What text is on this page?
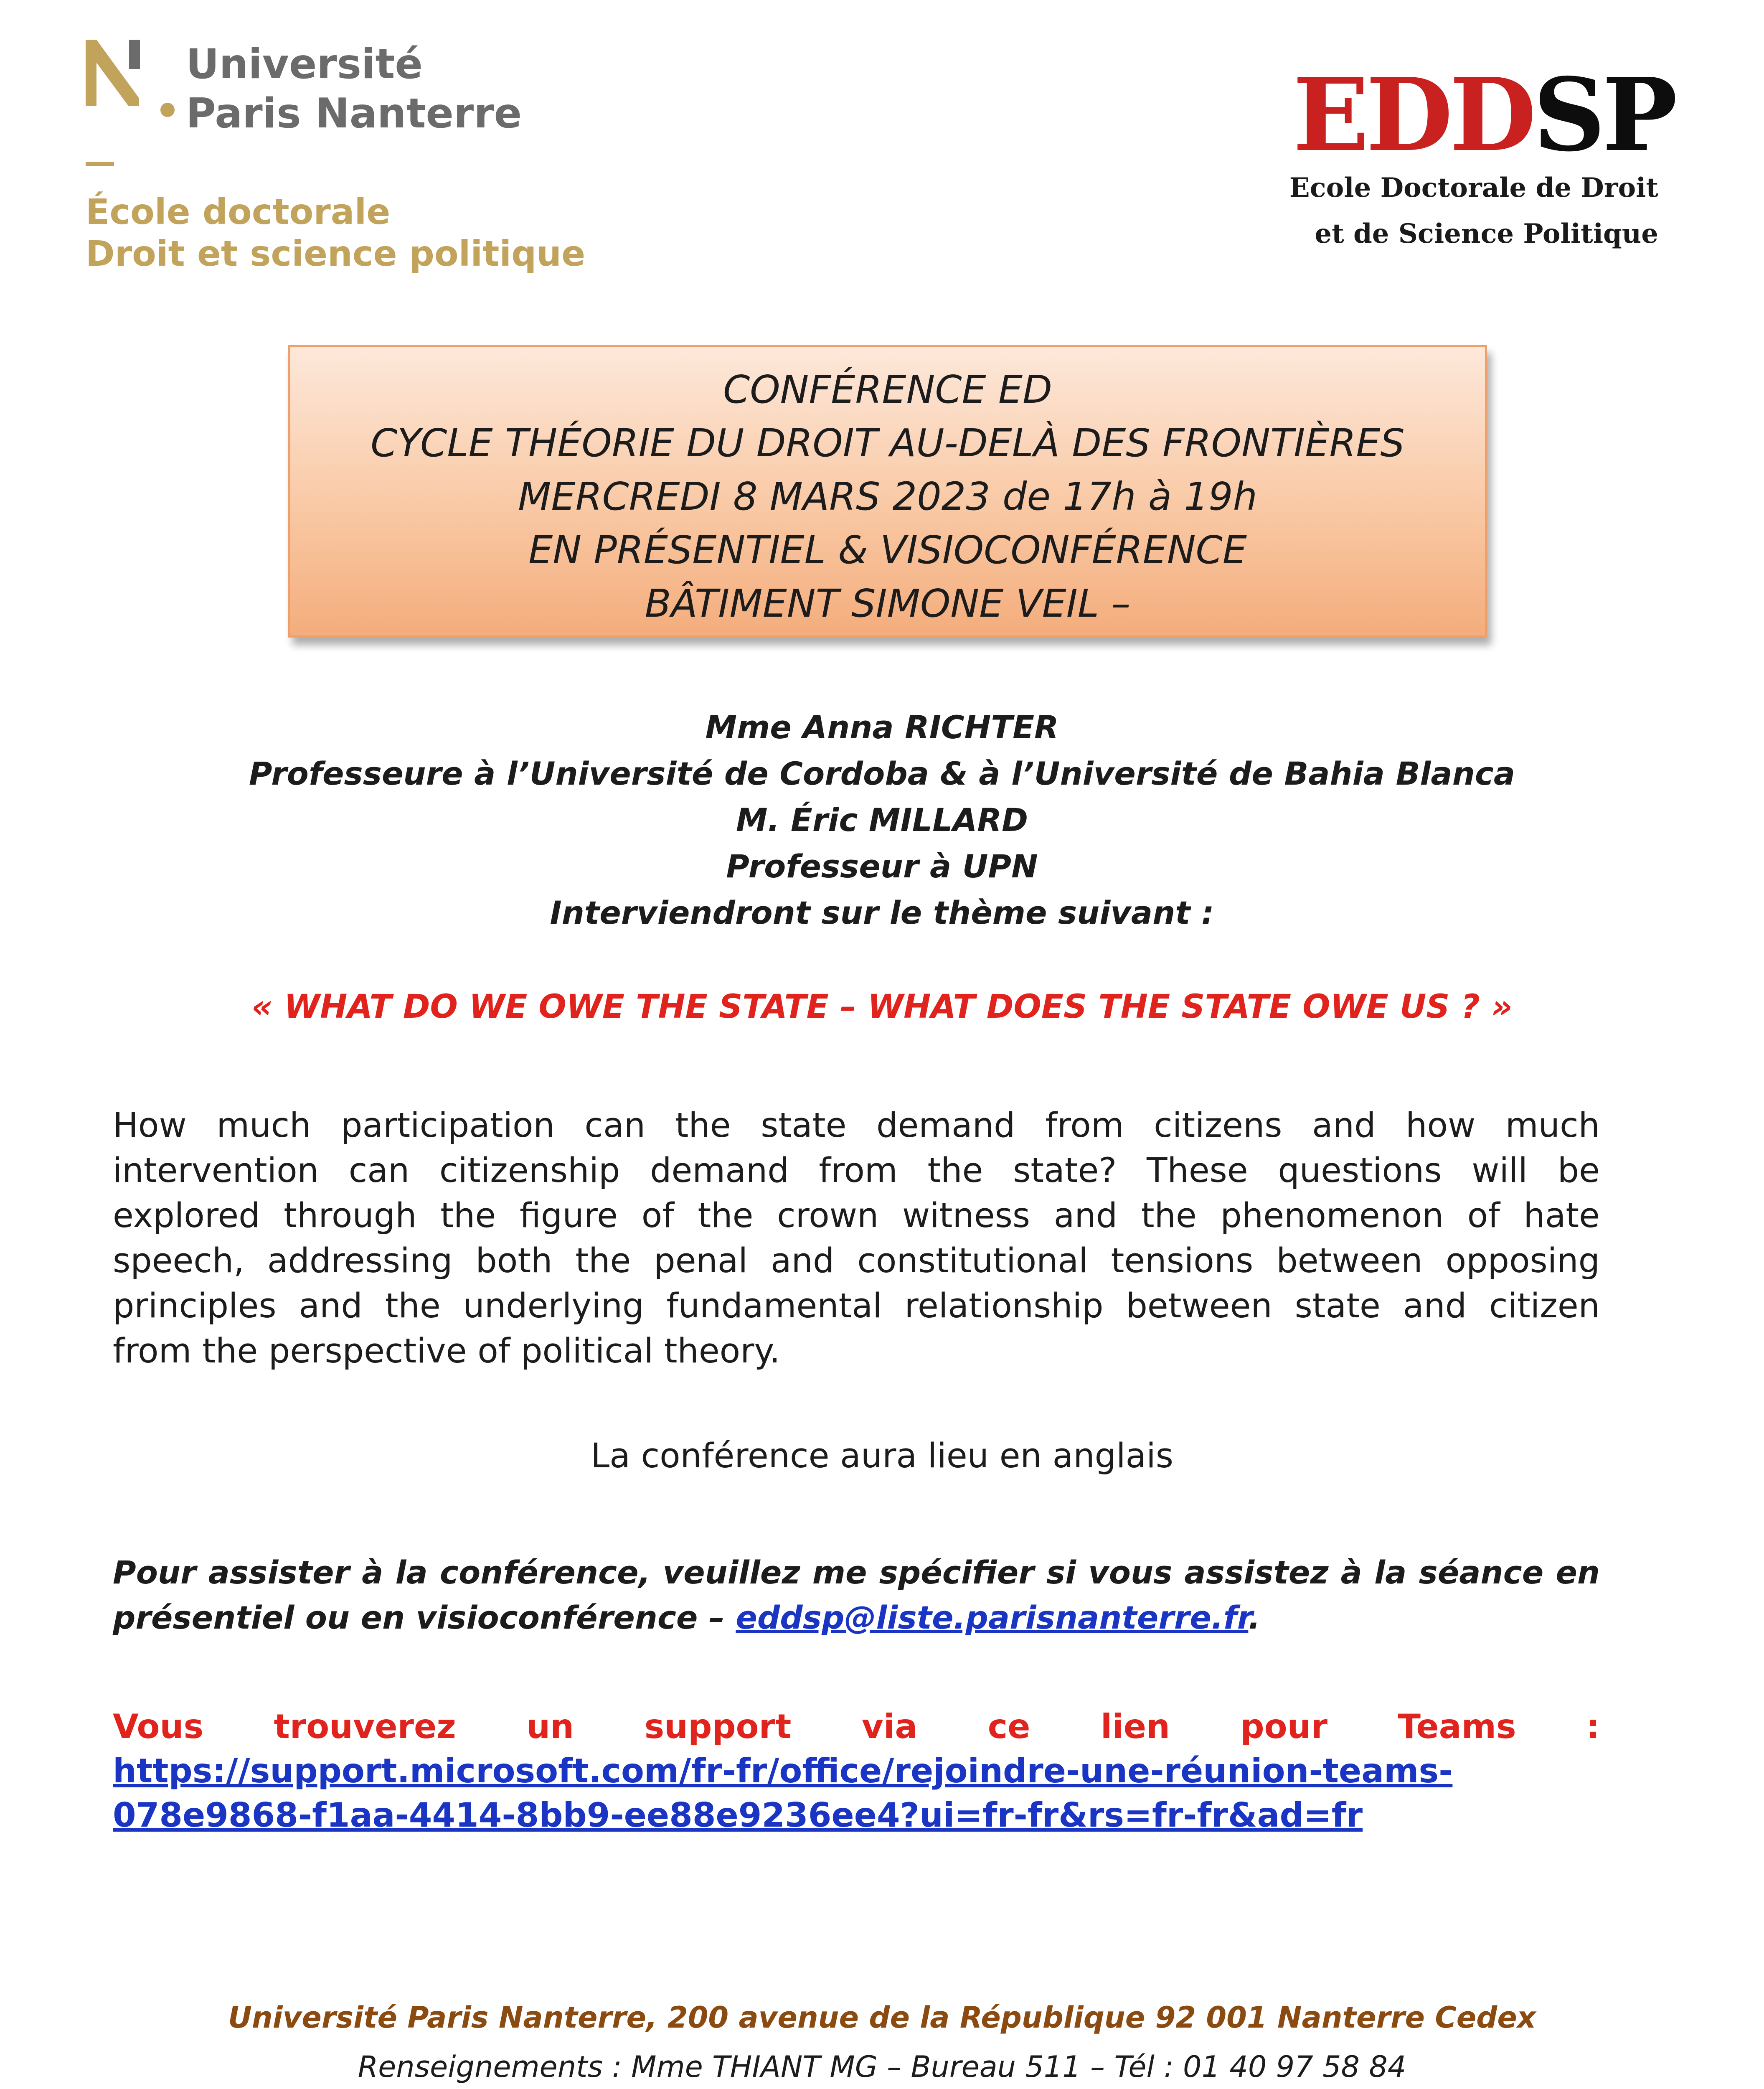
Université
Paris Nanterre
École doctorale
Droit et science politique
EDDSP
Ecole Doctorale de Droit
et de Science Politique
CONFÉRENCE ED
CYCLE THÉORIE DU DROIT AU-DELÀ DES FRONTIÈRES
MERCREDI 8 MARS 2023 de 17h à 19h
EN PRÉSENTIEL & VISIOCONFÉRENCE
BÂTIMENT SIMONE VEIL –
Mme Anna RICHTER
Professeure à l’Université de Cordoba & à l’Université de Bahia Blanca
M. Éric MILLARD
Professeur à UPN
Interviendront sur le thème suivant :
« WHAT DO WE OWE THE STATE – WHAT DOES THE STATE OWE US ? »
How much participation can the state demand from citizens and how much
intervention can citizenship demand from the state? These questions will be
explored through the figure of the crown witness and the phenomenon of hate
speech, addressing both the penal and constitutional tensions between opposing
principles and the underlying fundamental relationship between state and citizen
from the perspective of political theory.
La conférence aura lieu en anglais
Pour assister à la conférence, veuillez me spécifier si vous assistez à la séance en
présentiel ou en visioconférence – eddsp@liste.parisnanterre.fr.
Vous trouverez un support via ce lien pour Teams :
https://support.microsoft.com/fr-fr/office/rejoindre-une-réunion-teams-
078e9868-f1aa-4414-8bb9-ee88e9236ee4?ui=fr-fr&rs=fr-fr&ad=fr
Université Paris Nanterre, 200 avenue de la République 92 001 Nanterre Cedex
Renseignements : Mme THIANT MG – Bureau 511 – Tél : 01 40 97 58 84
